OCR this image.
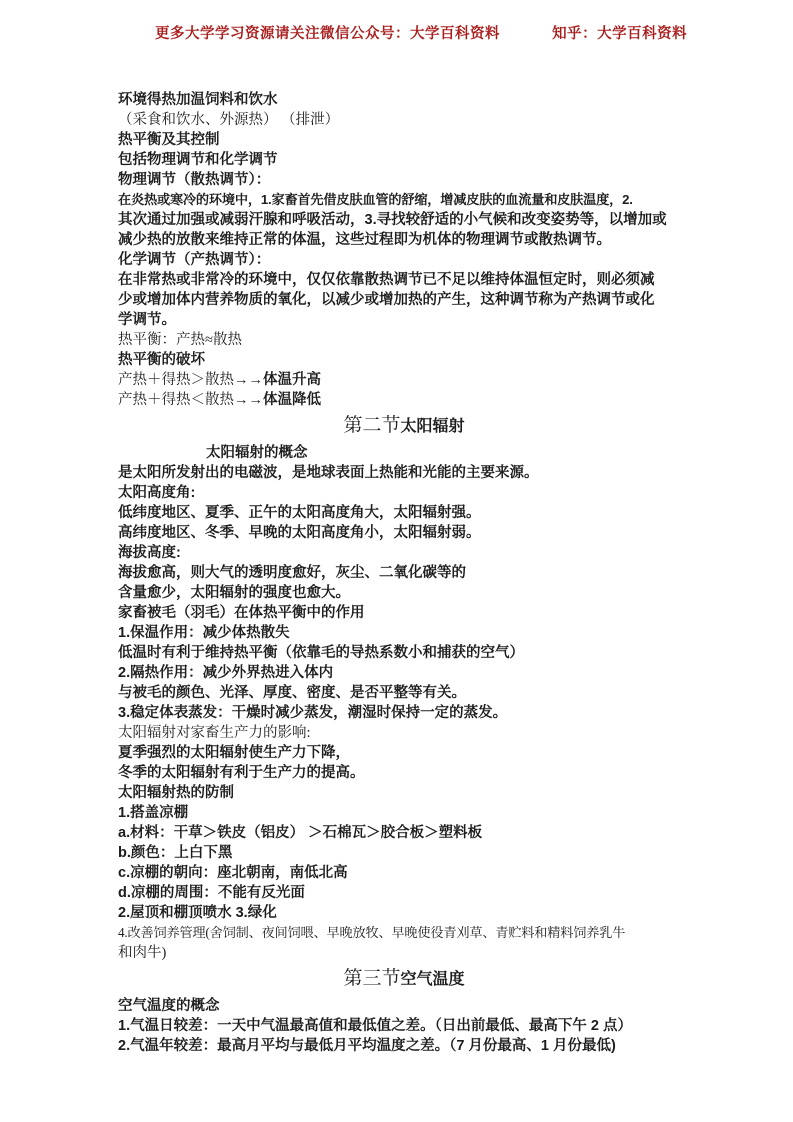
更多大学学习资源请关注微信公众号：大学百科资料	知乎：大学百科资料
环境得热加温饲料和饮水
（采食和饮水、外源热） （排泄）
热平衡及其控制
包括物理调节和化学调节
物理调节（散热调节）：
在炎热或寒冷的环境中，1.家畜首先借皮肤血管的舒缩，增减皮肤的血流量和皮肤温度，2.
其次通过加强或减弱汗腺和呼吸活动，3.寻找较舒适的小气候和改变姿势等，以增加或
减少热的放散来维持正常的体温，这些过程即为机体的物理调节或散热调节。
化学调节（产热调节）：
在非常热或非常冷的环境中，仅仅依靠散热调节已不足以维持体温恒定时，则必须减
少或增加体内营养物质的氧化，以减少或增加热的产生，这种调节称为产热调节或化
学调节。
热平衡：产热≈散热
热平衡的破坏
产热＋得热＞散热→→体温升高
产热＋得热＜散热→→体温降低
第二节太阳辐射
太阳辐射的概念
是太阳所发射出的电磁波，是地球表面上热能和光能的主要来源。
太阳高度角:
低纬度地区、夏季、正午的太阳高度角大，太阳辐射强。
高纬度地区、冬季、早晚的太阳高度角小，太阳辐射弱。
海拔高度:
海拔愈高，则大气的透明度愈好，灰尘、二氧化碳等的
含量愈少，太阳辐射的强度也愈大。
家畜被毛（羽毛）在体热平衡中的作用
1.保温作用：减少体热散失
低温时有利于维持热平衡（依靠毛的导热系数小和捕获的空气）
2.隔热作用：减少外界热进入体内
与被毛的颜色、光泽、厚度、密度、是否平整等有关。
3.稳定体表蒸发：干燥时减少蒸发，潮湿时保持一定的蒸发。
太阳辐射对家畜生产力的影响:
夏季强烈的太阳辐射使生产力下降，
冬季的太阳辐射有利于生产力的提高。
太阳辐射热的防制
1.搭盖凉棚
a.材料：干草＞铁皮（铝皮） ＞石棉瓦＞胶合板＞塑料板
b.颜色：上白下黑
c.凉棚的朝向：座北朝南，南低北高
d.凉棚的周围：不能有反光面
2.屋顶和棚顶喷水 3.绿化
4.改善饲养管理(舍饲制、夜间饲喂、早晚放牧、早晚使役青刈草、青贮料和精料饲养乳牛
和肉牛)
第三节空气温度
空气温度的概念
1.气温日较差：一天中气温最高值和最低值之差。（日出前最低、最高下午 2 点）
2.气温年较差：最高月平均与最低月平均温度之差。（7 月份最高、1 月份最低)
